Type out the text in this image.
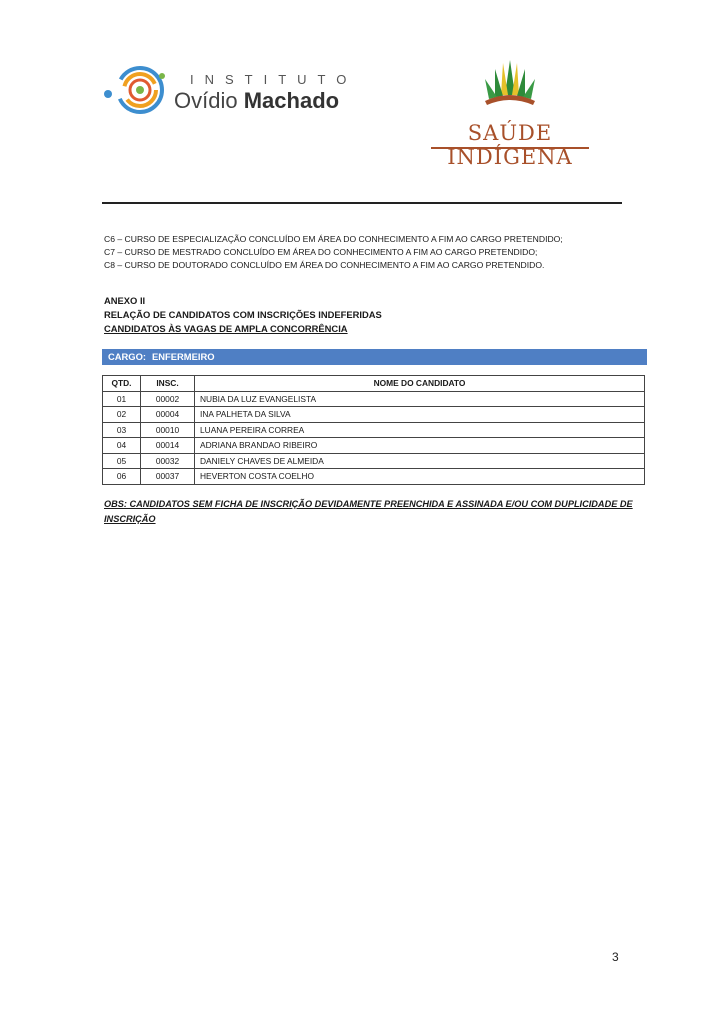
INSTITUTO
Ovídio Machado
SAÚDE INDÍGENA
C6 – CURSO DE ESPECIALIZAÇÃO CONCLUÍDO EM ÁREA DO CONHECIMENTO A FIM AO CARGO PRETENDIDO;
C7 – CURSO DE MESTRADO CONCLUÍDO EM ÁREA DO CONHECIMENTO A FIM AO CARGO PRETENDIDO;
C8 – CURSO DE DOUTORADO CONCLUÍDO EM ÁREA DO CONHECIMENTO A FIM AO CARGO PRETENDIDO.
ANEXO II
RELAÇÃO DE CANDIDATOS COM INSCRIÇÕES INDEFERIDAS
CANDIDATOS ÀS VAGAS DE AMPLA CONCORRÊNCIA
CARGO: ENFERMEIRO
QTD.	INSC.	NOME DO CANDIDATO
01	00002	NUBIA DA LUZ EVANGELISTA
02	00004	INA PALHETA DA SILVA
03	00010	LUANA PEREIRA CORREA
04	00014	ADRIANA BRANDAO RIBEIRO
05	00032	DANIELY CHAVES DE ALMEIDA
06	00037	HEVERTON COSTA COELHO
OBS: CANDIDATOS SEM FICHA DE INSCRIÇÃO DEVIDAMENTE PREENCHIDA E ASSINADA E/OU COM DUPLICIDADE DE INSCRIÇÃO
3
